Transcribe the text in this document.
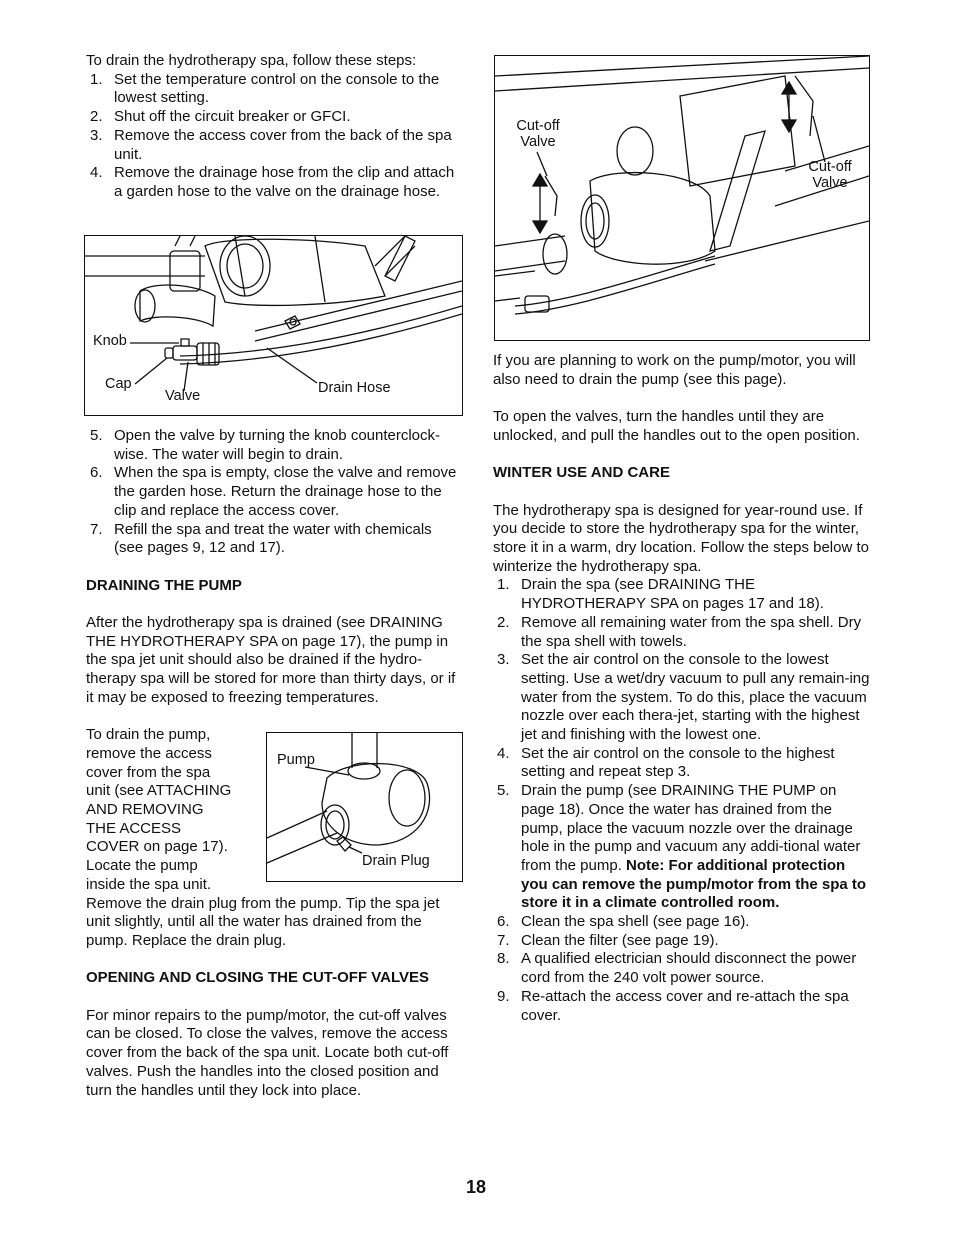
To drain the hydrotherapy spa, follow these steps:

1. Set the temperature control on the console to the lowest setting.
2. Shut off the circuit breaker or GFCI.
3. Remove the access cover from the back of the spa unit.
4. Remove the drainage hose from the clip and attach a garden hose to the valve on the drainage hose.
Knob
Cap
Valve	Drain Hose
5. Open the valve by turning the knob counterclock-wise. The water will begin to drain.
6. When the spa is empty, close the valve and remove the garden hose. Return the drainage hose to the clip and replace the access cover.
7. Refill the spa and treat the water with chemicals (see pages 9, 12 and 17).
DRAINING THE PUMP

After the hydrotherapy spa is drained (see DRAINING THE HYDROTHERAPY SPA on page 17), the pump in the spa jet unit should also be drained if the hydro-therapy spa will be stored for more than thirty days, or if it may be exposed to freezing temperatures.

To drain the pump, remove the access cover from the spa unit (see ATTACHING AND REMOVING THE ACCESS COVER on page 17). Locate the pump inside the spa unit.

Remove the drain plug from the pump. Tip the spa jet unit slightly, until all the water has drained from the pump. Replace the drain plug.

OPENING AND CLOSING THE CUT-OFF VALVES

For minor repairs to the pump/motor, the cut-off valves can be closed. To close the valves, remove the access cover from the back of the spa unit. Locate both cut-off valves. Push the handles into the closed position and turn the handles until they lock into place.

Pump
Drain Plug
Cut-off Valve
Cut-off Valve

If you are planning to work on the pump/motor, you will also need to drain the pump (see this page).

To open the valves, turn the handles until they are unlocked, and pull the handles out to the open position.

WINTER USE AND CARE

The hydrotherapy spa is designed for year-round use. If you decide to store the hydrotherapy spa for the winter, store it in a warm, dry location. Follow the steps below to winterize the hydrotherapy spa.

1. Drain the spa (see DRAINING THE HYDROTHERAPY SPA on pages 17 and 18).
2. Remove all remaining water from the spa shell. Dry the spa shell with towels.
3. Set the air control on the console to the lowest setting. Use a wet/dry vacuum to pull any remain-ing water from the system. To do this, place the vacuum nozzle over each thera-jet, starting with the highest jet and finishing with the lowest one.
4. Set the air control on the console to the highest setting and repeat step 3.
5. Drain the pump (see DRAINING THE PUMP on page 18). Once the water has drained from the pump, place the vacuum nozzle over the drainage hole in the pump and vacuum any addi-tional water from the pump. Note: For additional protection you can remove the pump/motor from the spa to store it in a climate controlled room.
6. Clean the spa shell (see page 16).
7. Clean the filter (see page 19).
8. A qualified electrician should disconnect the power cord from the 240 volt power source.
9. Re-attach the access cover and re-attach the spa cover.
18
